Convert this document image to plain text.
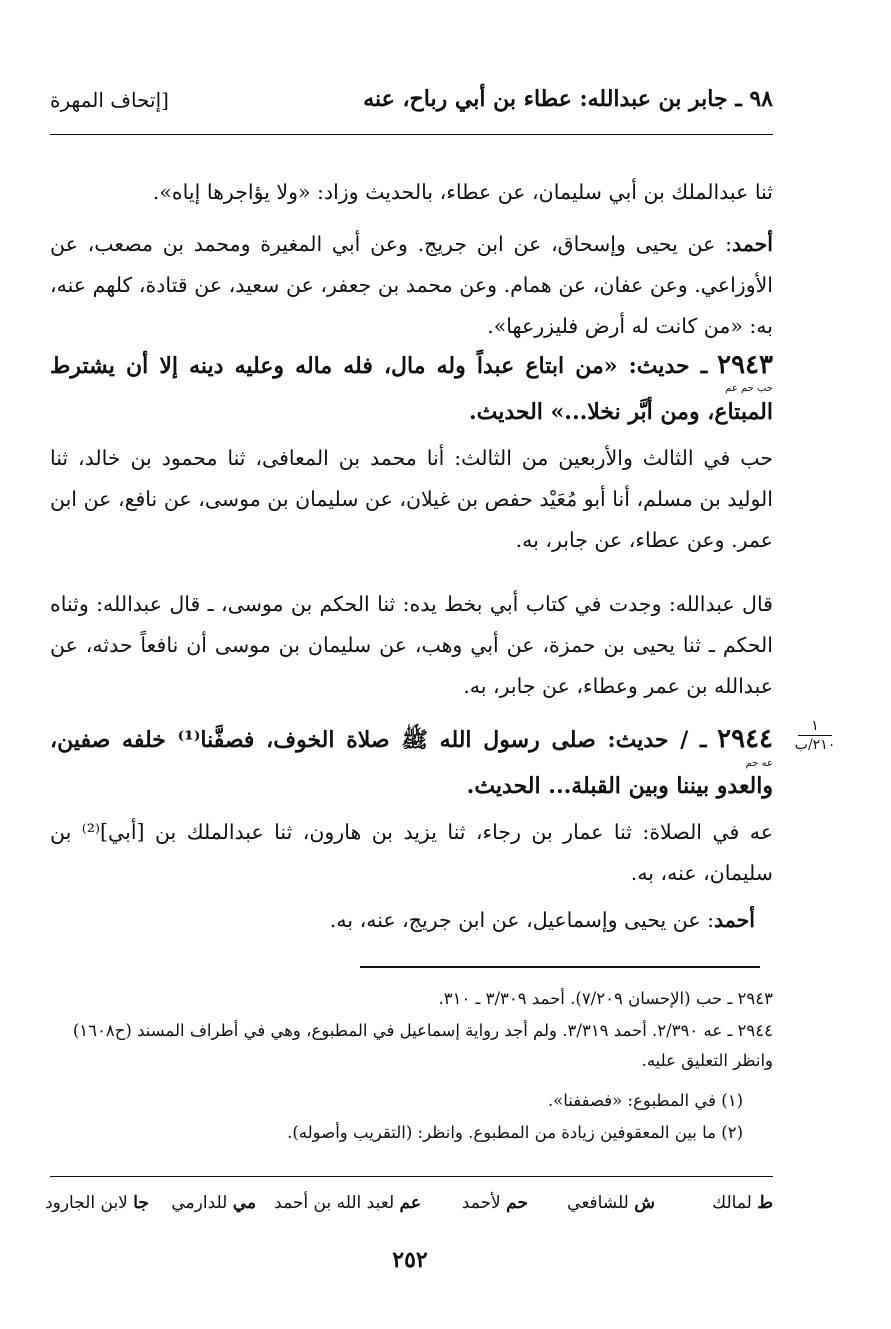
٩٨ ـ جابر بن عبدالله: عطاء بن أبي رباح، عنه
[إتحاف المهرة
ثنا عبدالملك بن أبي سليمان، عن عطاء، بالحديث وزاد: «ولا يؤاجرها إياه».
أحمد: عن يحيى وإسحاق، عن ابن جريج. وعن أبي المغيرة ومحمد بن مصعب، عن الأوزاعي. وعن عفان، عن همام. وعن محمد بن جعفر، عن سعيد، عن قتادة، كلهم عنه، به: «من كانت له أرض فليزرعها».
٢٩٤٣ ـ حديث: «من ابتاع عبداً وله مال، فله ماله وعليه دينه إلا أن يشترط المبتاع، ومن أبَّر نخلا...» الحديث.
حب حم عم
حب في الثالث والأربعين من الثالث: أنا محمد بن المعافى، ثنا محمود بن خالد، ثنا الوليد بن مسلم، أنا أبو مُعَيْد حفص بن غيلان، عن سليمان بن موسى، عن نافع، عن ابن عمر. وعن عطاء، عن جابر، به.
قال عبدالله: وجدت في كتاب أبي بخط يده: ثنا الحكم بن موسى، ـ قال عبدالله: وثناه الحكم ـ ثنا يحيى بن حمزة، عن أبي وهب، عن سليمان بن موسى أن نافعاً حدثه، عن عبدالله بن عمر وعطاء، عن جابر، به.
١
٢١٠/ب
٢٩٤٤ ـ / حديث: صلى رسول الله ﷺ صلاة الخوف، فصفَّنا⁽¹⁾ خلفه صفين، والعدو بيننا وبين القبلة... الحديث.
عه حم
عه في الصلاة: ثنا عمار بن رجاء، ثنا يزيد بن هارون، ثنا عبدالملك بن [أبي]⁽²⁾ بن سليمان، عنه، به.
أحمد: عن يحيى وإسماعيل، عن ابن جريج، عنه، به.
٢٩٤٣ ـ حب (الإحسان ٧/٢٠٩). أحمد ٣/٣٠٩ ـ ٣١٠.
٢٩٤٤ ـ عه ٢/٣٩٠. أحمد ٣/٣١٩. ولم أجد رواية إسماعيل في المطبوع، وهي في أطراف المسند (ح١٦٠٨) وانظر التعليق عليه.
(١) في المطبوع: «فصففنا».
(٢) ما بين المعقوفين زيادة من المطبوع. وانظر: (التقريب وأصوله).
ط لمالك
ش للشافعي
حم لأحمد
عم لعبد الله بن أحمد
مي للدارمي
جا لابن الجارود
٢٥٢
